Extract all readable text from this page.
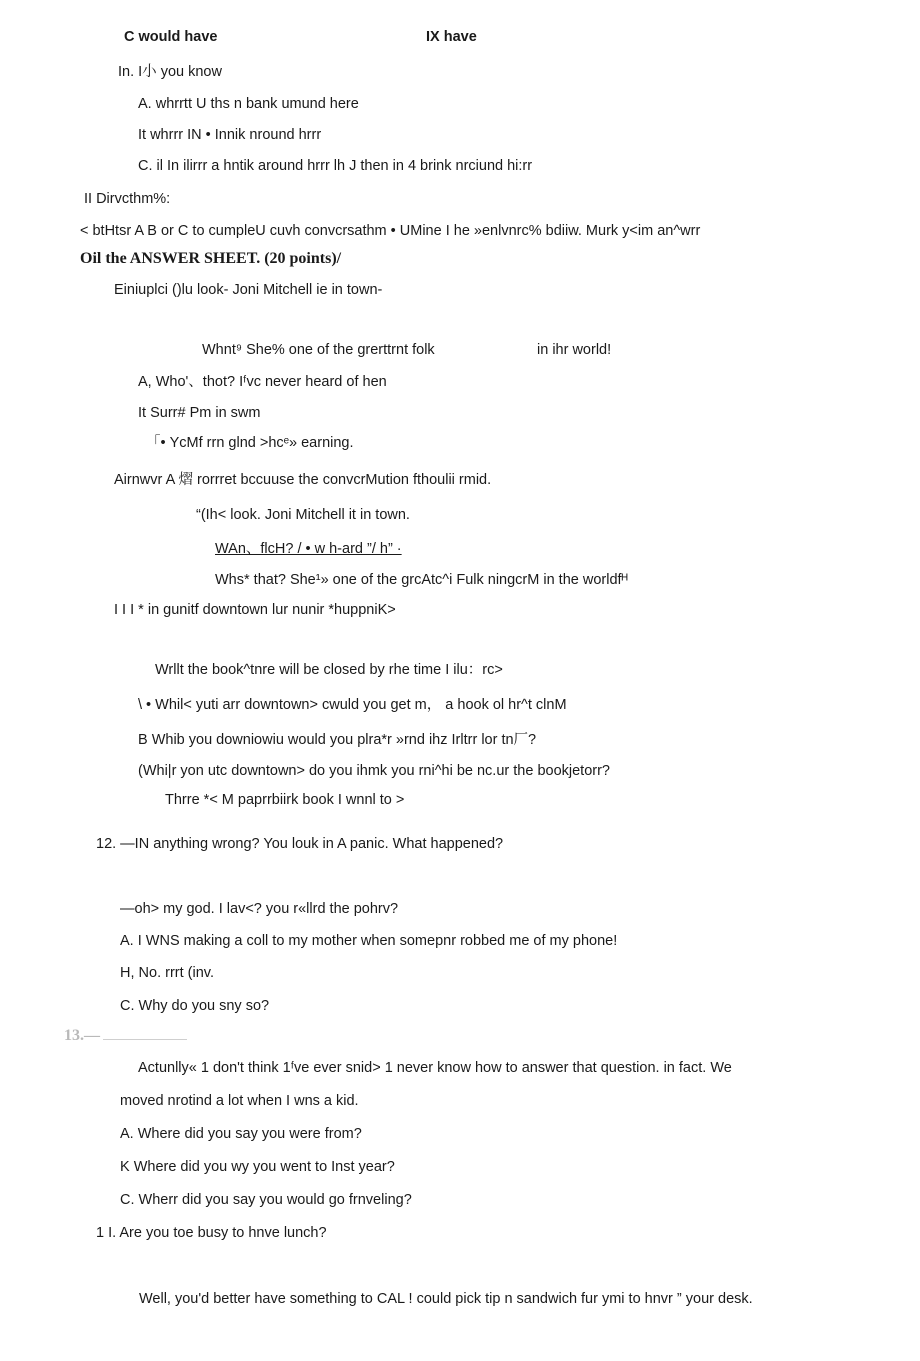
C would have	IX have
In. I小 you know
A. whrrtt U ths n bank umund here
It whrrr IN • Innik nround hrrr
C. il In ilirrr a hntik around hrrr lh J then in 4 brink nrciund hi:rr
II Dirvcthm%:
< btHtsr A B or C to cumpleU cuvh convcrsathm • UMine I he »enlvnrc% bdiiw. Murk y<im an^wrr
Oil the ANSWER SHEET. (20 points)/
Einiuplci ()lu look- Joni Mitchell ie in town-
Whnt⁹ She% one of the grerttrnt folk	in ihr world!
A, Who'、thot? Iᶠvc never heard of hen
It Surr# Pm in swm
「• YcMf rrn glnd >hcᵉ» earning.
Airnwvr A 熠 rorrret bccuuse the convcrMution fthoulii rmid.
“(Ih< look. Joni Mitchell it in town.
WAn、flcH? / • w h-ard ”/ h” ·
Whs* that? She¹» one of the grcAtc^i Fulk ningcrM in the worldfᴴ
I I I * in gunitf downtown lur nunir *huppniK>
Wrllt the book^tnre will be closed by rhe time I ilu：rc>
\ • Whil< yuti arr downtown> cwuld you get m， a hook ol hr^t clnM
B Whib you downiowiu would you plra*r »rnd ihz Irltrr lor tn厂?
(Whi|r yon utc downtown> do you ihmk you rni^hi be nc.ur the bookjetorr?
Thrre *< M paprrbiirk book I wnnl to >
12. —IN anything wrong? You louk in A panic. What happened?
—oh> my god. I lav<? you r«llrd the pohrv?
A. I WNS making a coll to my mother when somepnr robbed me of my phone!
H, No. rrrt (inv.
C. Why do you sny so?
13.—
Actunlly« 1 don't think 1ᶠve ever snid> 1 never know how to answer that question. in fact. We
moved nrotind a lot when I wns a kid.
A. Where did you say you were from?
K Where did you wy you went to Inst year?
C. Wherr did you say you would go frnveling?
1 I. Are you toe busy to hnve lunch?
Well, you'd better have something to CAL ! could pick tip n sandwich fur ymi to hnvr ” your desk.
